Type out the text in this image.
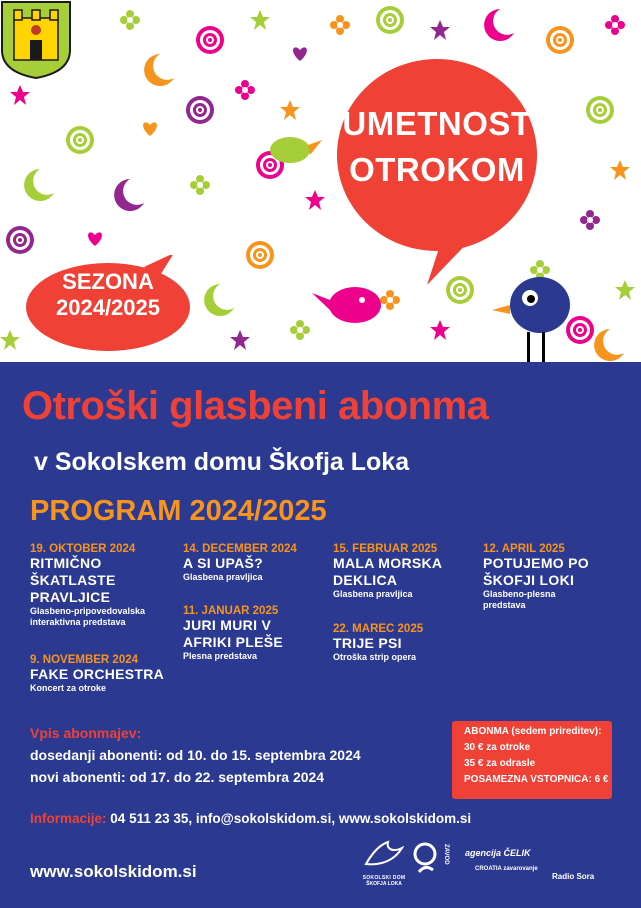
UMETNOST
OTROKOM
SEZONA
2024/2025
Otroški glasbeni abonma
v Sokolskem domu Škofja Loka
PROGRAM 2024/2025
19. OKTOBER 2024
RITMIČNO
ŠKATLASTE
PRAVLJICE
Glasbeno-pripovedovalska
interaktivna predstava
9. NOVEMBER 2024
FAKE ORCHESTRA
Koncert za otroke
14. DECEMBER 2024
A SI UPAŠ?
Glasbena pravljica
11. JANUAR 2025
JURI MURI V
AFRIKI PLEŠE
Plesna predstava
15. FEBRUAR 2025
MALA MORSKA
DEKLICA
Glasbena pravljica
22. MAREC 2025
TRIJE PSI
Otroška strip opera
12. APRIL 2025
POTUJEMO PO
ŠKOFJI LOKI
Glasbeno-plesna
predstava
Vpis abonmajev:
dosedanji abonenti: od 10. do 15. septembra 2024
novi abonenti: od 17. do 22. septembra 2024
ABONMA (sedem prireditev):
30 € za otroke
35 € za odrasle
POSAMEZNA VSTOPNICA: 6 €
Informacije: 04 511 23 35, info@sokolskidom.si, www.sokolskidom.si
www.sokolskidom.si	SOKOLSKI DOM
ŠKOFJA LOKA
ZAVOD agencija ČELIK
CROATIA zavarovanje
Radio Sora
